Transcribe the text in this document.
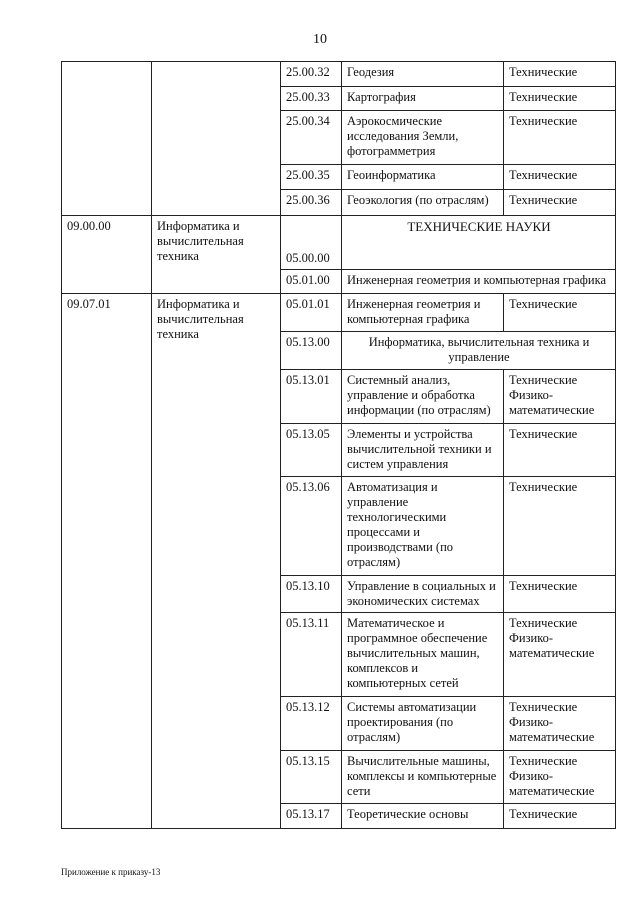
10
		25.00.32	Геодезия	Технические
		25.00.33	Картография	Технические
		25.00.34	Аэрокосмические исследования Земли, фотограмметрия	Технические
		25.00.35	Геоинформатика	Технические
		25.00.36	Геоэкология (по отраслям)	Технические
09.00.00	Информатика и вычислительная техника	05.00.00	ТЕХНИЧЕСКИЕ НАУКИ	
		05.01.00	Инженерная геометрия и компьютерная графика	
09.07.01	Информатика и вычислительная техника	05.01.01	Инженерная геометрия и компьютерная графика	Технические
		05.13.00	Информатика, вычислительная техника и управление	
		05.13.01	Системный анализ, управление и обработка информации (по отраслям)	Технические Физико-математические
		05.13.05	Элементы и устройства вычислительной техники и систем управления	Технические
		05.13.06	Автоматизация и управление технологическими процессами и производствами (по отраслям)	Технические
		05.13.10	Управление в социальных и экономических системах	Технические
		05.13.11	Математическое и программное обеспечение вычислительных машин, комплексов и компьютерных сетей	Технические Физико-математические
		05.13.12	Системы автоматизации проектирования (по отраслям)	Технические Физико-математические
		05.13.15	Вычислительные машины, комплексы и компьютерные сети	Технические Физико-математические
		05.13.17	Теоретические основы	Технические
Приложение к приказу-13
